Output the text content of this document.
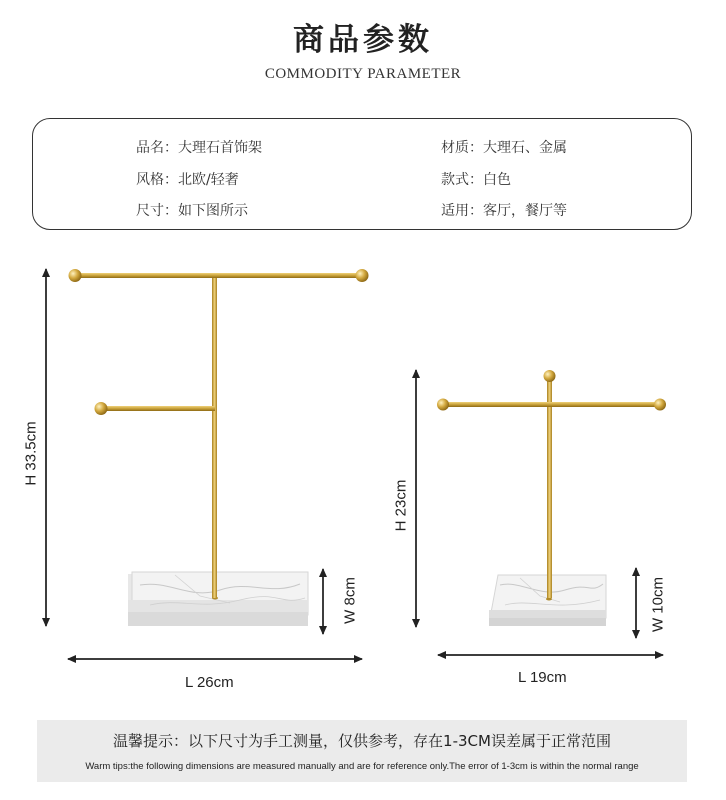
商品参数
COMMODITY PARAMETER
品名：大理石首饰架	材质：大理石、金属
风格：北欧/轻奢	款式：白色
尺寸：如下图所示	适用：客厅，餐厅等
H 33.5cm
L 26cm
W 8cm
H 23cm
L 19cm
W 10cm
温馨提示：以下尺寸为手工测量，仅供参考，存在1-3CM误差属于正常范围
Warm tips:the following dimensions are measured manually and are for reference only.The error of 1-3cm is within the normal range
